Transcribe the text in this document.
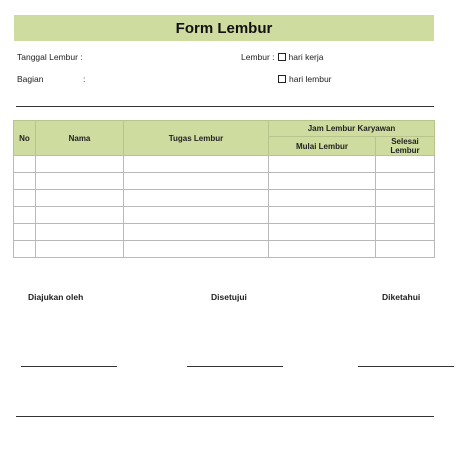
Form Lembur
Tanggal Lembur :	Lembur : hari kerja
Bagian	:	hari lembur
No	Nama	Tugas Lembur	Jam Lembur Karyawan	
			Mulai Lembur	Selesai Lembur

Diajukan oleh	Disetujui	Diketahui
